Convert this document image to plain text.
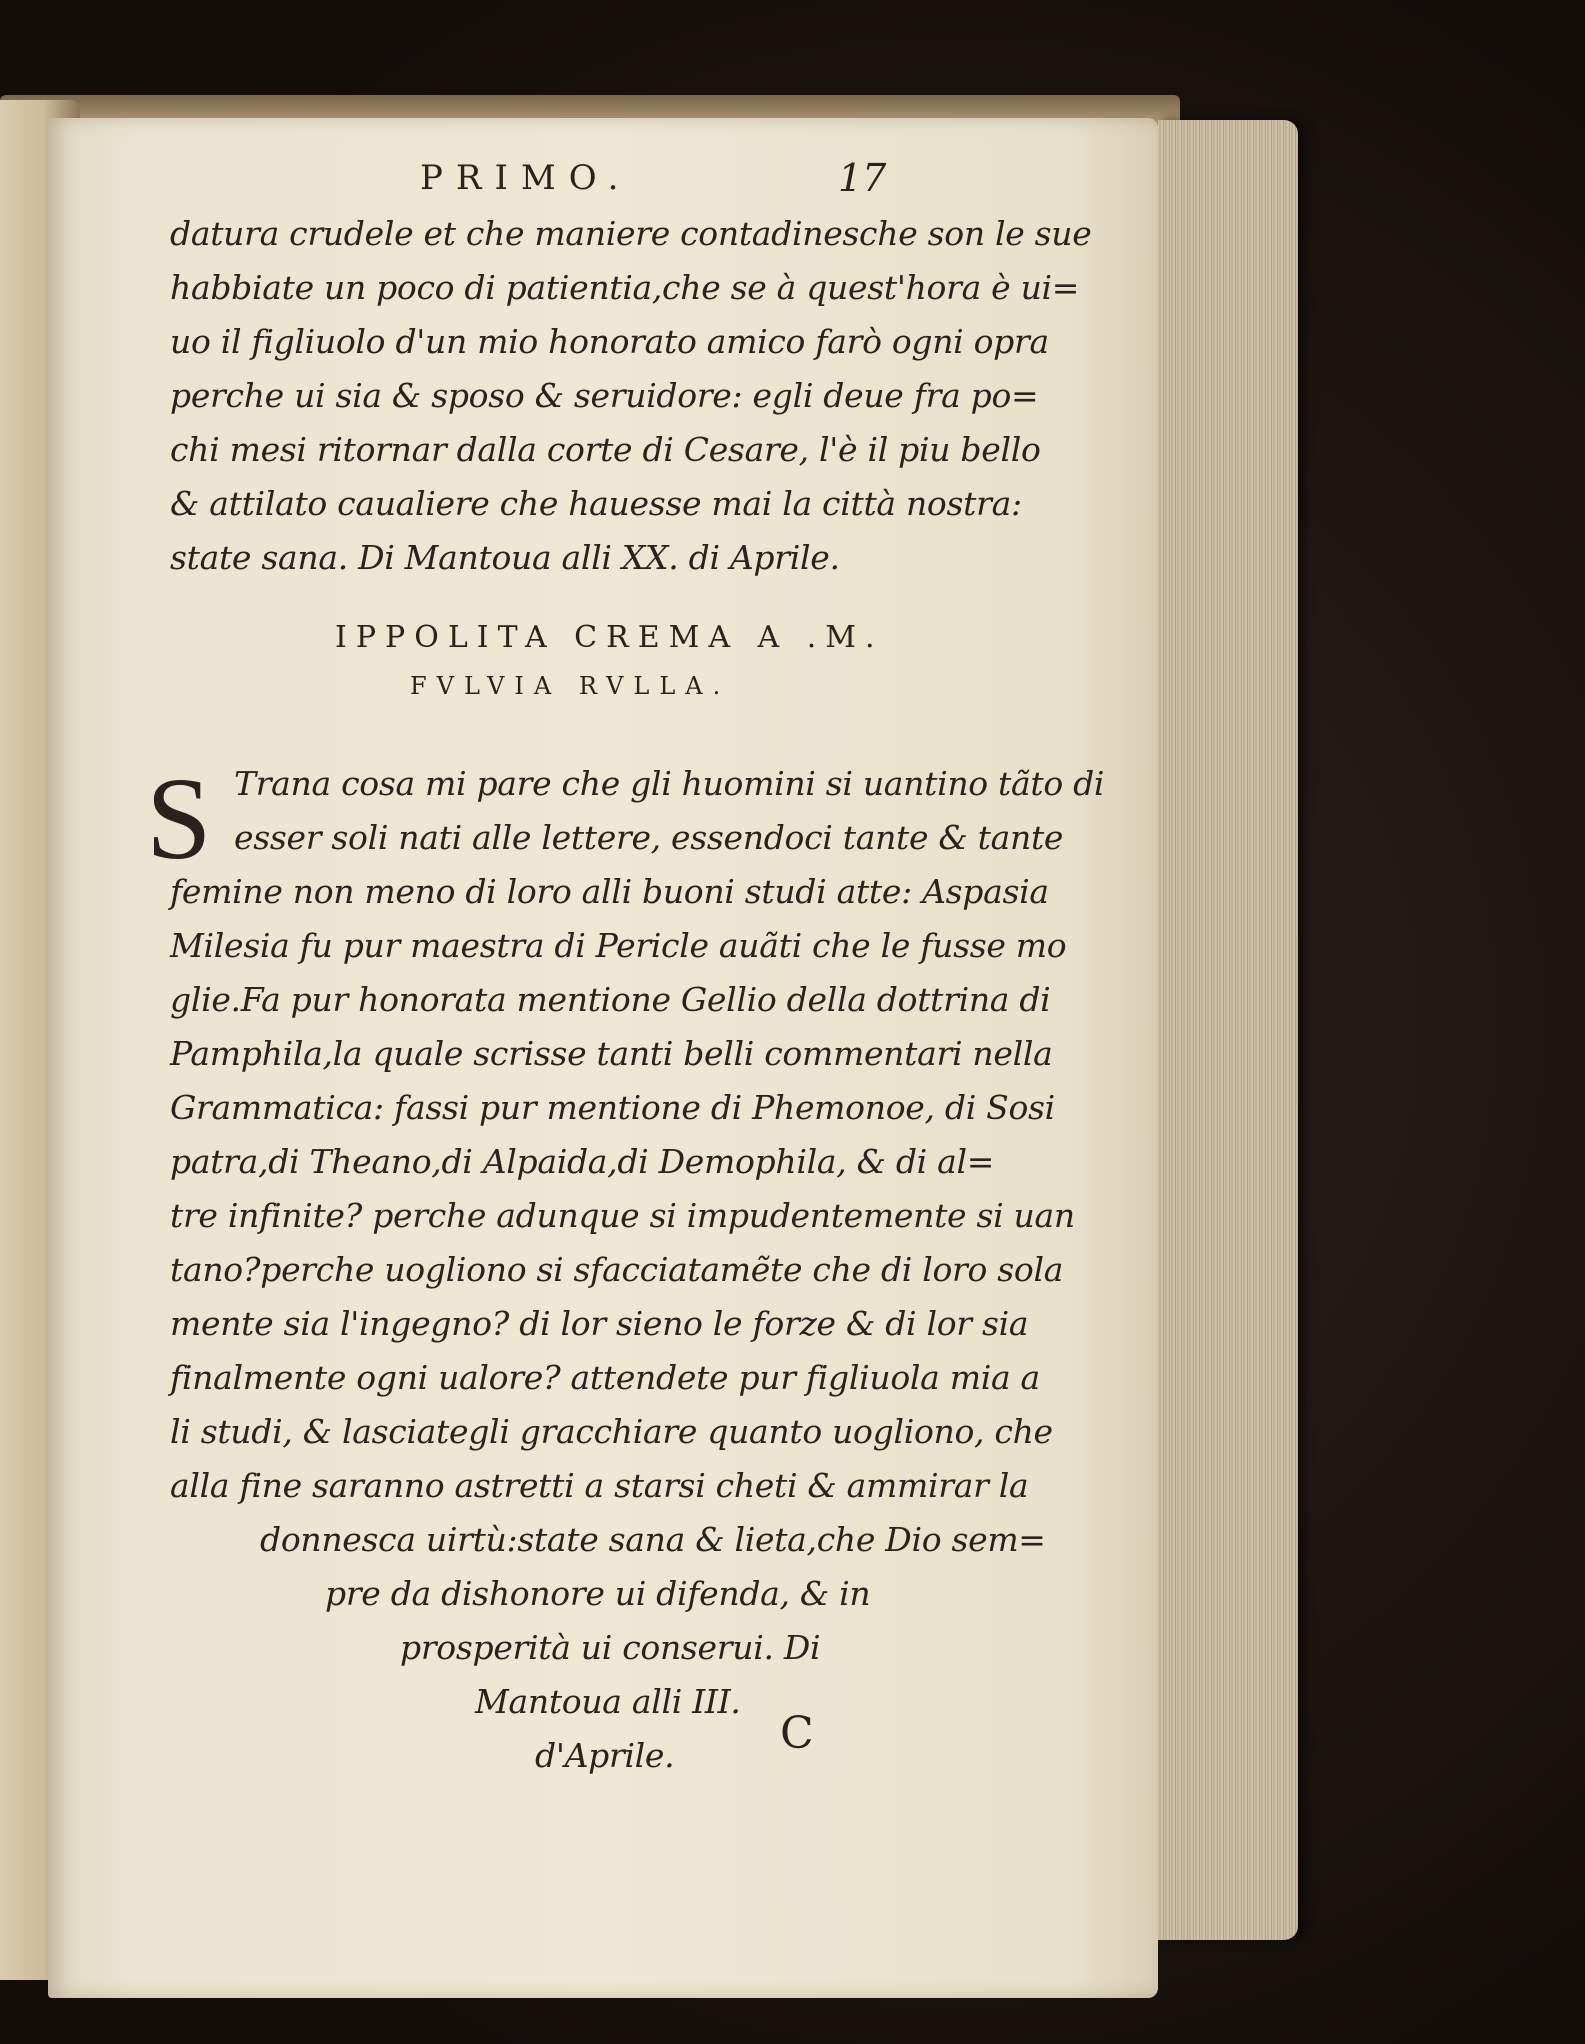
PRIMO.	17
datura crudele et che maniere contadinesche son le sue
habbiate un poco di patientia,che se à quest'hora è ui=
uo il figliuolo d'un mio honorato amico farò ogni opra
perche ui sia & sposo & seruidore: egli deue fra po=
chi mesi ritornar dalla corte di Cesare, l'è il piu bello
& attilato caualiere che hauesse mai la città nostra:
state sana. Di Mantoua alli XX. di Aprile.
IPPOLITA CREMA A .M.
FVLVIA RVLLA.
S Trana cosa mi pare che gli huomini si uantino tãto di
esser soli nati alle lettere, essendoci tante & tante
femine non meno di loro alli buoni studi atte: Aspasia
Milesia fu pur maestra di Pericle auãti che le fusse mo
glie.Fa pur honorata mentione Gellio della dottrina di
Pamphila,la quale scrisse tanti belli commentari nella
Grammatica: fassi pur mentione di Phemonoe, di Sosi
patra,di Theano,di Alpaida,di Demophila, & di al=
tre infinite? perche adunque si impudentemente si uan
tano?perche uogliono si sfacciatamẽte che di loro sola
mente sia l'ingegno? di lor sieno le forze & di lor sia
finalmente ogni ualore? attendete pur figliuola mia a
li studi, & lasciategli gracchiare quanto uogliono, che
alla fine saranno astretti a starsi cheti & ammirar la
donnesca uirtù:state sana & lieta,che Dio sem=
pre da dishonore ui difenda, & in
prosperità ui conserui. Di
Mantoua alli III.
d'Aprile. C
